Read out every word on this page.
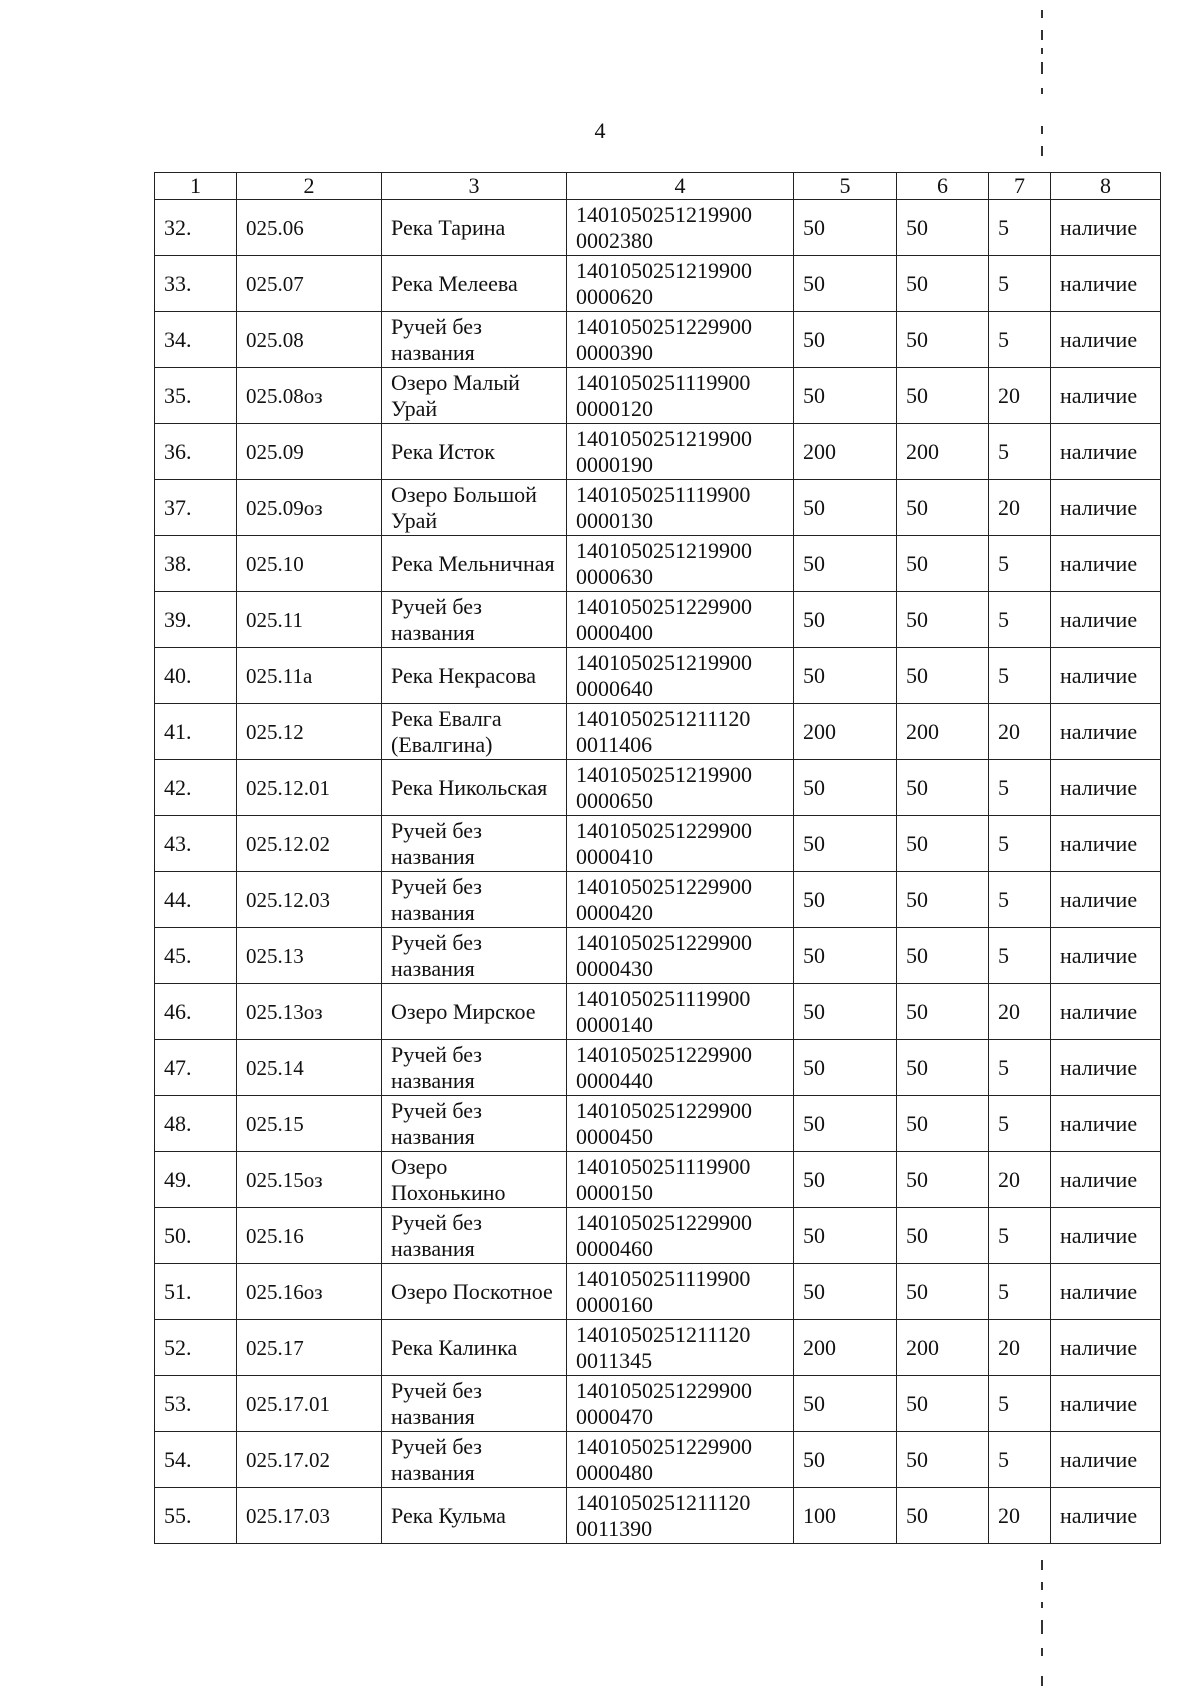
4
1	2	3	4	5	6	7	8
32.	025.06	Река Тарина	1401050251219900 0002380	50	50	5	наличие
33.	025.07	Река Мелеева	1401050251219900 0000620	50	50	5	наличие
34.	025.08	Ручей без названия	1401050251229900 0000390	50	50	5	наличие
35.	025.08оз	Озеро Малый Урай	1401050251119900 0000120	50	50	20	наличие
36.	025.09	Река Исток	1401050251219900 0000190	200	200	5	наличие
37.	025.09оз	Озеро Большой Урай	1401050251119900 0000130	50	50	20	наличие
38.	025.10	Река Мельничная	1401050251219900 0000630	50	50	5	наличие
39.	025.11	Ручей без названия	1401050251229900 0000400	50	50	5	наличие
40.	025.11а	Река Некрасова	1401050251219900 0000640	50	50	5	наличие
41.	025.12	Река Евалга (Евалгина)	1401050251211120 0011406	200	200	20	наличие
42.	025.12.01	Река Никольская	1401050251219900 0000650	50	50	5	наличие
43.	025.12.02	Ручей без названия	1401050251229900 0000410	50	50	5	наличие
44.	025.12.03	Ручей без названия	1401050251229900 0000420	50	50	5	наличие
45.	025.13	Ручей без названия	1401050251229900 0000430	50	50	5	наличие
46.	025.13оз	Озеро Мирское	1401050251119900 0000140	50	50	20	наличие
47.	025.14	Ручей без названия	1401050251229900 0000440	50	50	5	наличие
48.	025.15	Ручей без названия	1401050251229900 0000450	50	50	5	наличие
49.	025.15оз	Озеро Похонькино	1401050251119900 0000150	50	50	20	наличие
50.	025.16	Ручей без названия	1401050251229900 0000460	50	50	5	наличие
51.	025.16оз	Озеро Поскотное	1401050251119900 0000160	50	50	5	наличие
52.	025.17	Река Калинка	1401050251211120 0011345	200	200	20	наличие
53.	025.17.01	Ручей без названия	1401050251229900 0000470	50	50	5	наличие
54.	025.17.02	Ручей без названия	1401050251229900 0000480	50	50	5	наличие
55.	025.17.03	Река Кульма	1401050251211120 0011390	100	50	20	наличие
